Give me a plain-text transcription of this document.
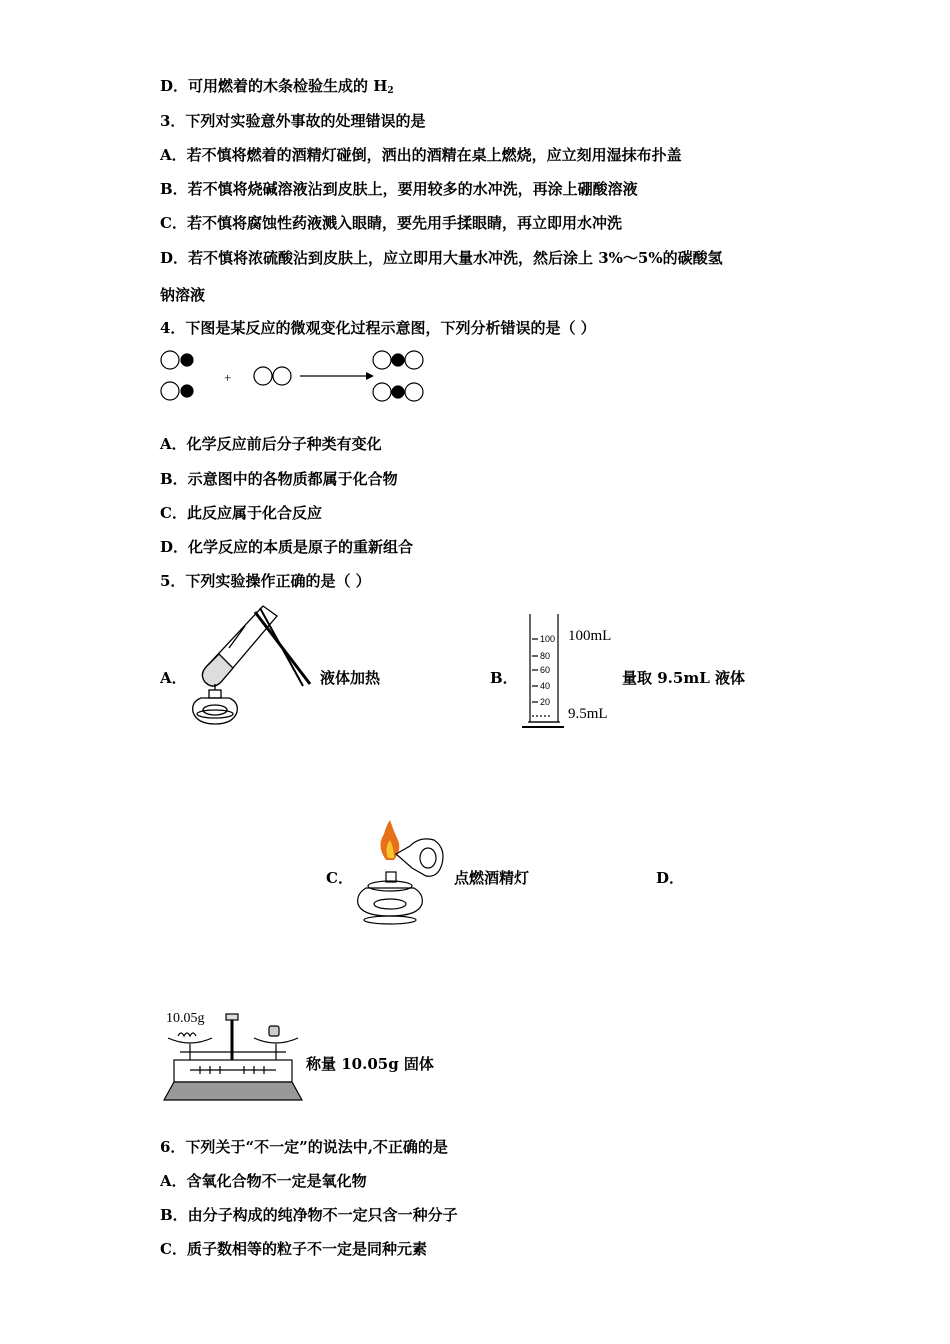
D．可用燃着的木条检验生成的 $H_2$
3．下列对实验意外事故的处理错误的是
A．若不慎将燃着的酒精灯碰倒，洒出的酒精在桌上燃烧，应立刻用湿抹布扑盖
B．若不慎将烧碱溶液沾到皮肤上，要用较多的水冲洗，再涂上硼酸溶液
C．若不慎将腐蚀性药液溅入眼睛，要先用手揉眼睛，再立即用水冲洗
D．若不慎将浓硫酸沾到皮肤上，应立即用大量水冲洗，然后涂上 3%～5%的碳酸氢
钠溶液
4．下图是某反应的微观变化过程示意图，下列分析错误的是（ ）
+
A．化学反应前后分子种类有变化
B．示意图中的各物质都属于化合物
C．此反应属于化合反应
D．化学反应的本质是原子的重新组合
5．下列实验操作正确的是（ ）
A．	液体加热	B．
100
80
60
40
20
100mL
9.5mL
量取 9.5mL 液体
C．	点燃酒精灯	D．
10.05g
称量 10.05g 固体
6．下列关于“不一定”的说法中,不正确的是
A．含氧化合物不一定是氧化物
B．由分子构成的纯净物不一定只含一种分子
C．质子数相等的粒子不一定是同种元素
